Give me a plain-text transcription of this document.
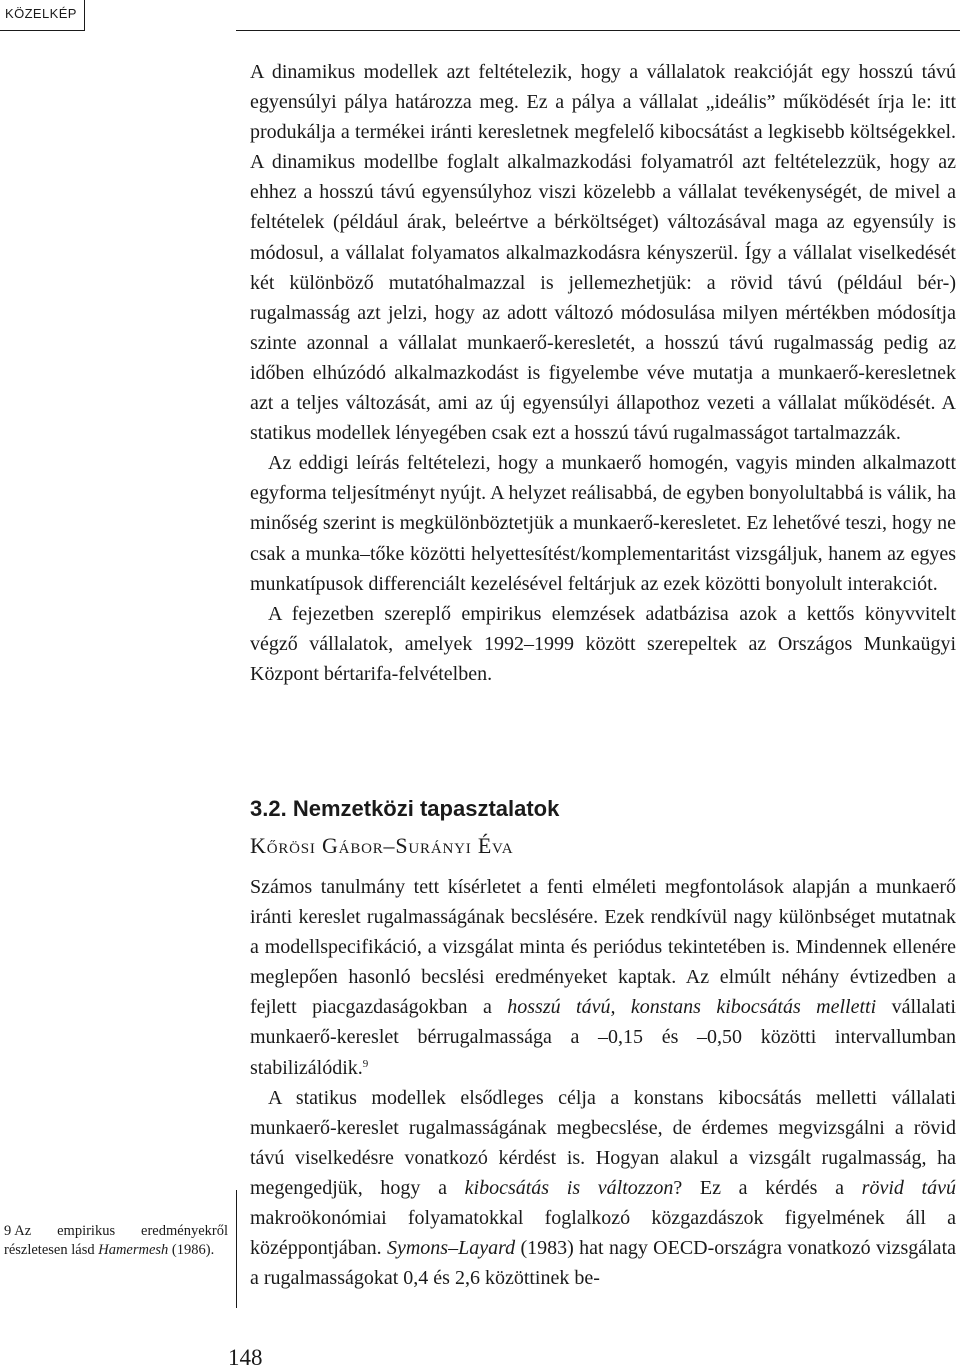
KÖZELKÉP

A dinamikus modellek azt feltételezik, hogy a vállalatok reakcióját egy hosszú távú egyensúlyi pálya határozza meg. Ez a pálya a vállalat „ideális” működését írja le: itt produkálja a termékei iránti keresletnek megfelelő kibocsátást a legkisebb költségekkel. A dinamikus modellbe foglalt alkalmazkodási folyamatról azt feltételezzük, hogy az ehhez a hosszú távú egyensúlyhoz viszi közelebb a vállalat tevékenységét, de mivel a feltételek (például árak, beleértve a bérköltséget) változásával maga az egyensúly is módosul, a vállalat folyamatos alkalmazkodásra kényszerül. Így a vállalat viselkedését két különböző mutatóhalmazzal is jellemezhetjük: a rövid távú (például bér-) rugalmasság azt jelzi, hogy az adott változó módosulása milyen mértékben módosítja szinte azonnal a vállalat munkaerő-keresletét, a hosszú távú rugalmasság pedig az időben elhúzódó alkalmazkodást is figyelembe véve mutatja a munkaerő-keresletnek azt a teljes változását, ami az új egyensúlyi állapothoz vezeti a vállalat működését. A statikus modellek lényegében csak ezt a hosszú távú rugalmasságot tartalmazzák.

Az eddigi leírás feltételezi, hogy a munkaerő homogén, vagyis minden alkalmazott egyforma teljesítményt nyújt. A helyzet reálisabbá, de egyben bonyolultabbá is válik, ha minőség szerint is megkülönböztetjük a munkaerő-keresletet. Ez lehetővé teszi, hogy ne csak a munka–tőke közötti helyettesítést/komplementaritást vizsgáljuk, hanem az egyes munkatípusok differenciált kezelésével feltárjuk az ezek közötti bonyolult interakciót.

A fejezetben szereplő empirikus elemzések adatbázisa azok a kettős könyvvitelt végző vállalatok, amelyek 1992–1999 között szerepeltek az Országos Munkaügyi Központ bértarifa-felvételben.

3.2. Nemzetközi tapasztalatok
Kőrösi Gábor–Surányi Éva

Számos tanulmány tett kísérletet a fenti elméleti megfontolások alapján a munkaerő iránti kereslet rugalmasságának becslésére. Ezek rendkívül nagy különbséget mutatnak a modellspecifikáció, a vizsgálat minta és periódus tekintetében is. Mindennek ellenére meglepően hasonló becslési eredményeket kaptak. Az elmúlt néhány évtizedben a fejlett piacgazdaságokban a hosszú távú, konstans kibocsátás melletti vállalati munkaerő-kereslet bérrugalmassága a –0,15 és –0,50 közötti intervallumban stabilizálódik.$^9$

A statikus modellek elsődleges célja a konstans kibocsátás melletti vállalati munkaerő-kereslet rugalmasságának megbecslése, de érdemes megvizsgálni a rövid távú viselkedésre vonatkozó kérdést is. Hogyan alakul a vizsgált rugalmasság, ha megengedjük, hogy a kibocsátás is változzon? Ez a kérdés a rövid távú makroökonómiai folyamatokkal foglalkozó közgazdászok figyelmének áll a középpontjában. Symons–Layard (1983) hat nagy OECD-országra vonatkozó vizsgálata a rugalmasságokat 0,4 és 2,6 közöttinek be-

9 Az empirikus eredményekről részletesen lásd Hamermesh (1986).
148
